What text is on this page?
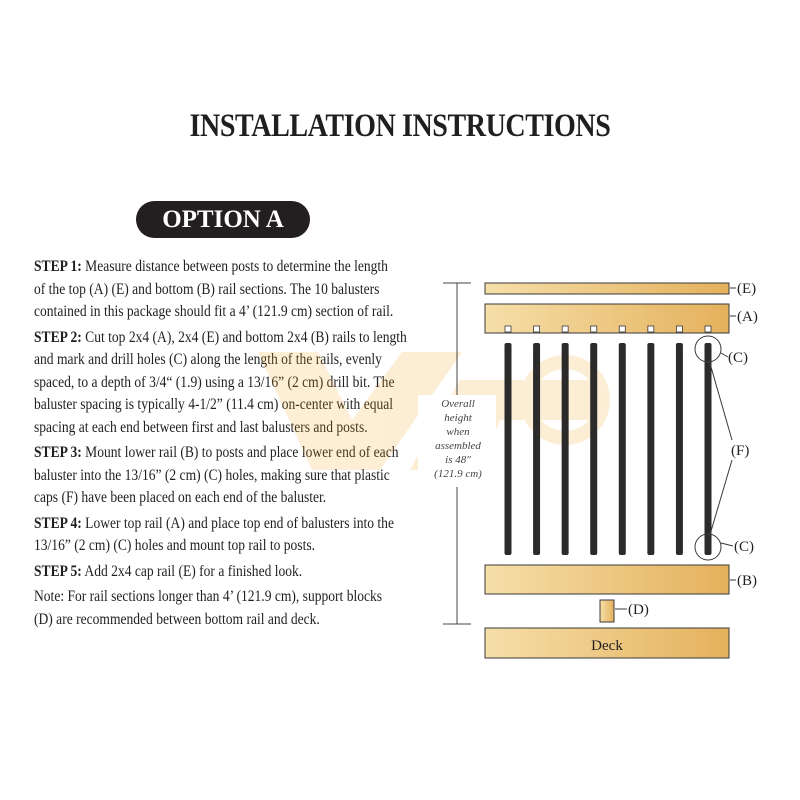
INSTALLATION INSTRUCTIONS
OPTION A
STEP 1: Measure distance between posts to determine the length
of the top (A) (E) and bottom (B) rail sections. The 10 balusters
contained in this package should fit a 4’ (121.9 cm) section of rail.
STEP 2: Cut top 2x4 (A), 2x4 (E) and bottom 2x4 (B) rails to length
and mark and drill holes (C) along the length of the rails, evenly
spaced, to a depth of 3/4“ (1.9) using a 13/16” (2 cm) drill bit. The
baluster spacing is typically 4-1/2” (11.4 cm) on-center with equal
spacing at each end between first and last balusters and posts.
STEP 3: Mount lower rail (B) to posts and place lower end of each
baluster into the 13/16” (2 cm) (C) holes, making sure that plastic
caps (F) have been placed on each end of the baluster.
STEP 4: Lower top rail (A) and place top end of balusters into the
13/16” (2 cm) (C) holes and mount top rail to posts.
STEP 5: Add 2x4 cap rail (E) for a finished look.
Note: For rail sections longer than 4’ (121.9 cm), support blocks
(D) are recommended between bottom rail and deck.
Overall
height
when
assembled
is 48"
(121.9 cm)
Deck
(E)
(A)
(C)
(F)
(C)
(B)
(D)
